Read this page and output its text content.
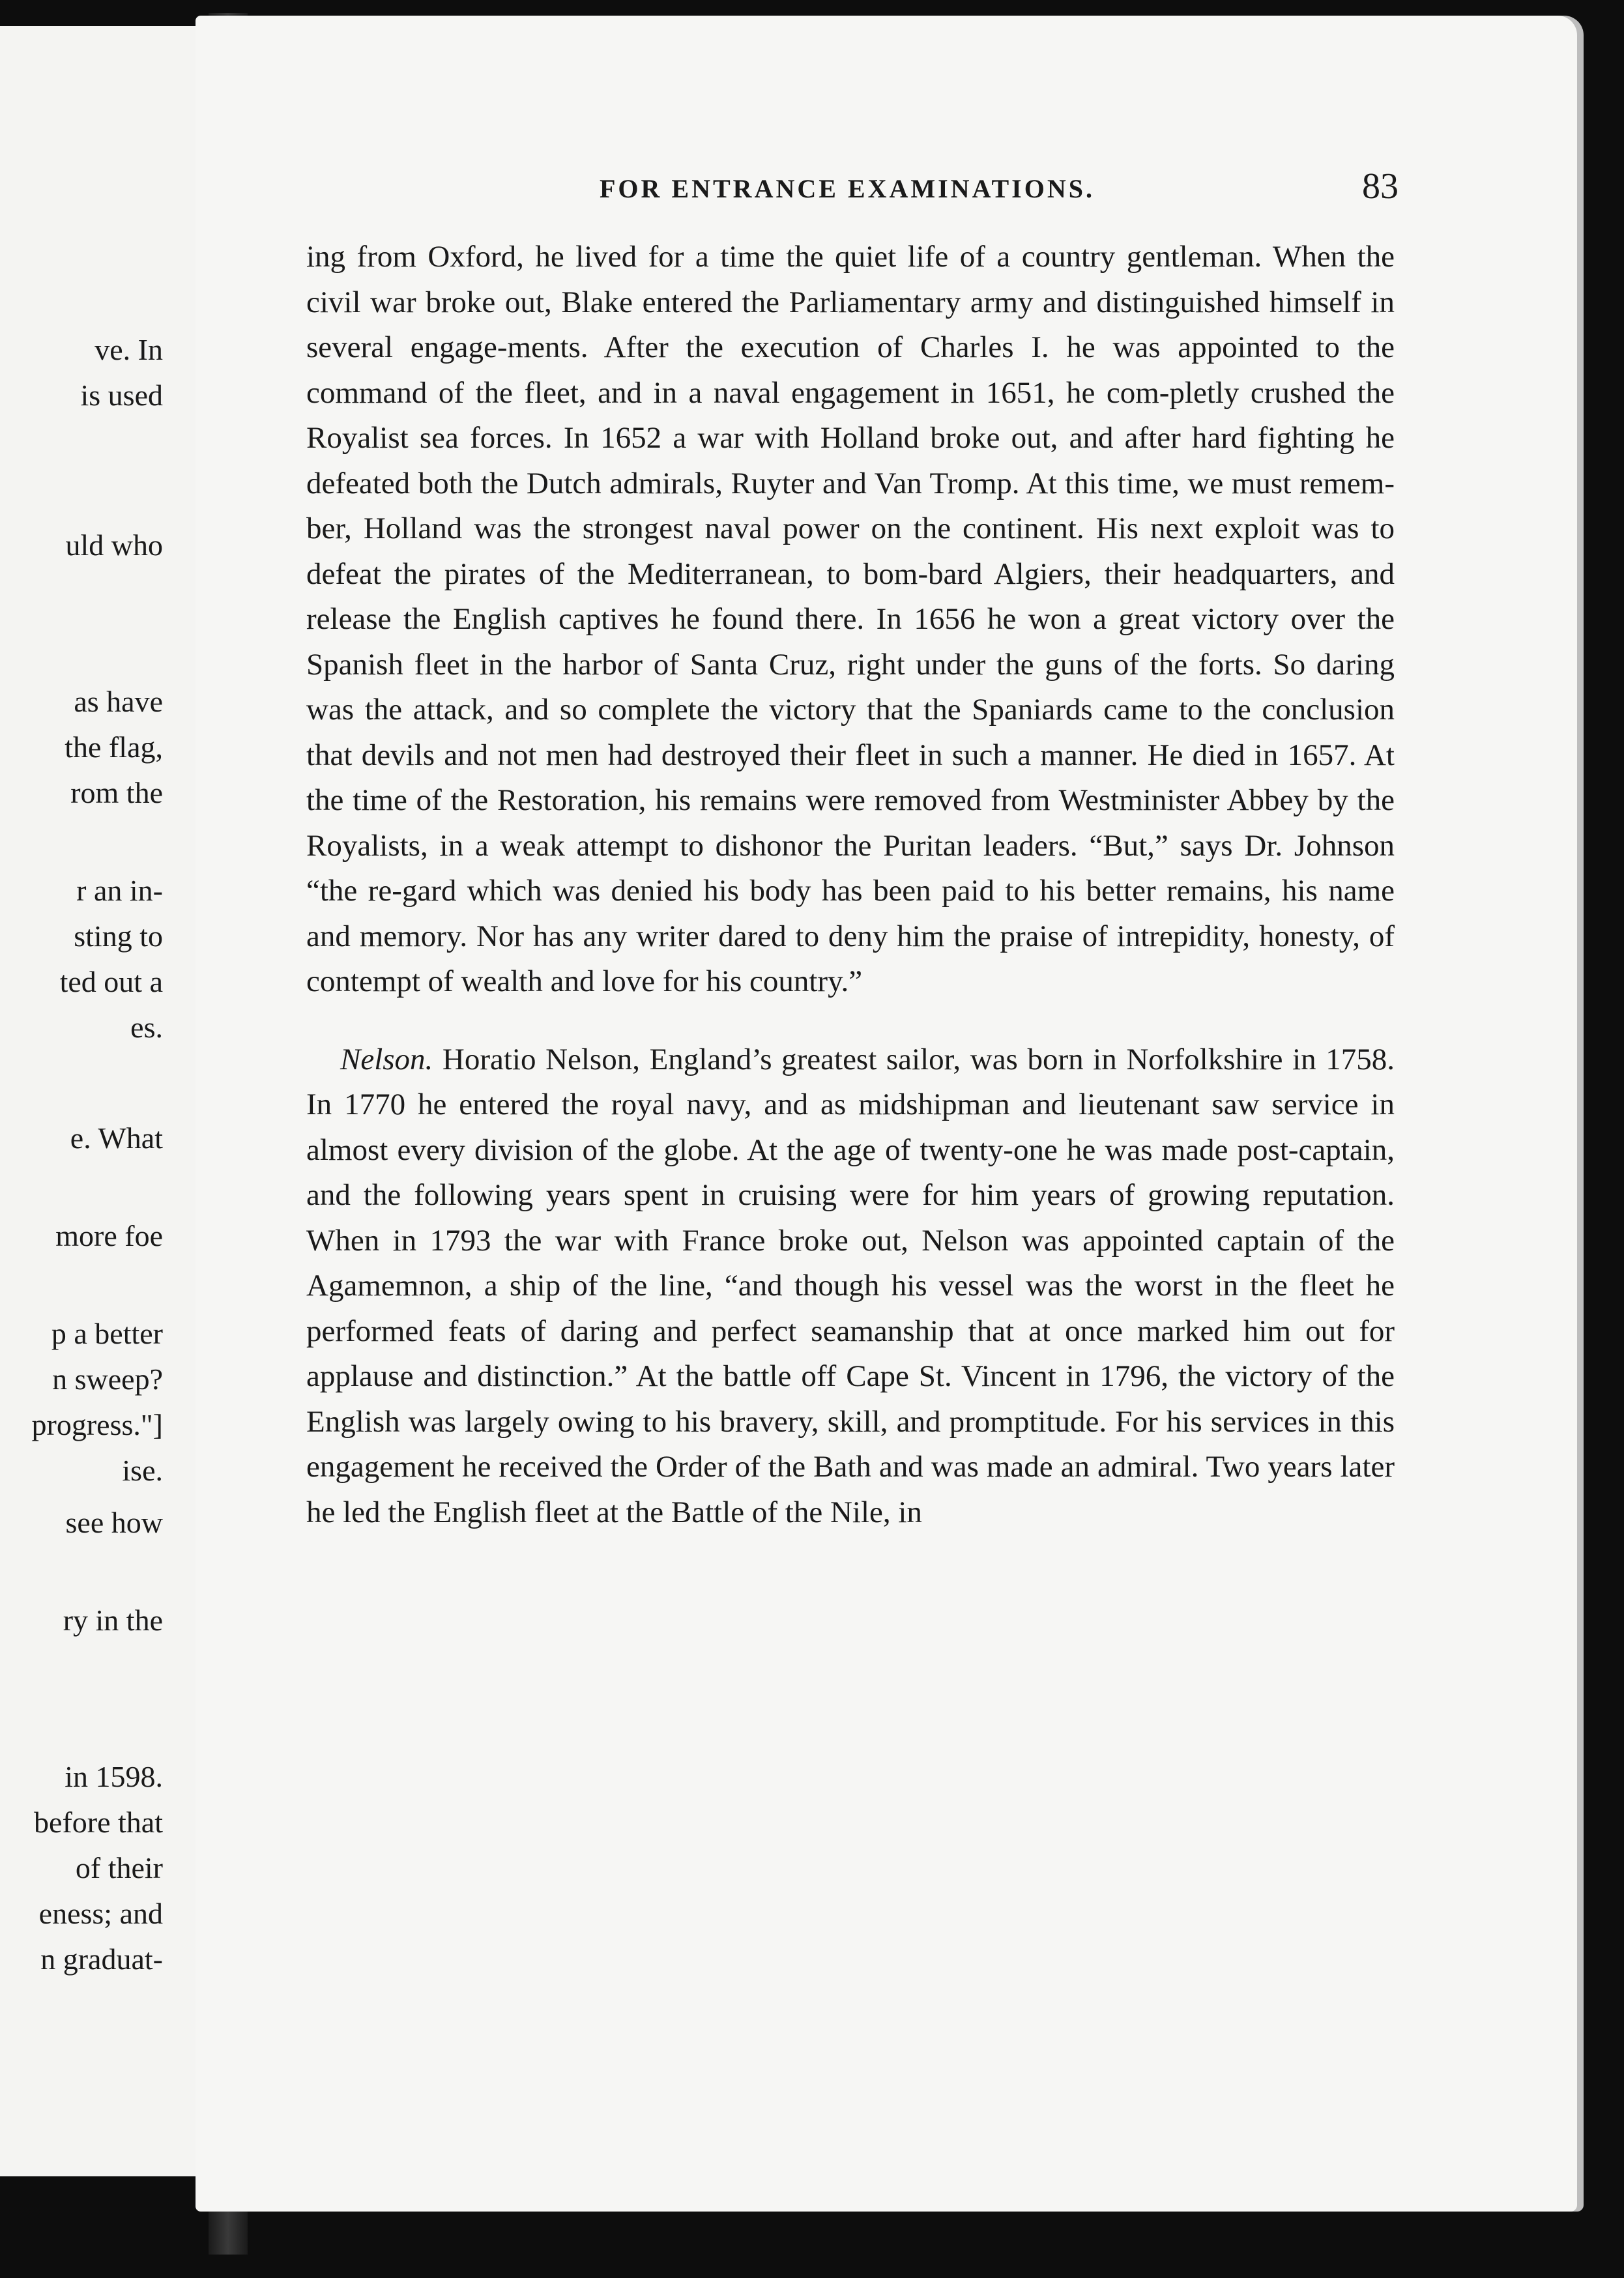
ve. In
is used
uld who
as have
the flag,
rom the
r an in-
sting to
ted out a
es.
e. What
more foe
p a better
n sweep?
progress."]
ise.
see how
ry in the
in 1598.
before that
of their
eness; and
n graduat-
FOR ENTRANCE EXAMINATIONS.	83

ing from Oxford, he lived for a time the quiet life of a country gentleman. When the civil war broke out, Blake entered the Parliamentary army and distinguished himself in several engage-ments. After the execution of Charles I. he was appointed to the command of the fleet, and in a naval engagement in 1651, he com-pletly crushed the Royalist sea forces. In 1652 a war with Holland broke out, and after hard fighting he defeated both the Dutch admirals, Ruyter and Van Tromp. At this time, we must remem-ber, Holland was the strongest naval power on the continent. His next exploit was to defeat the pirates of the Mediterranean, to bom-bard Algiers, their headquarters, and release the English captives he found there. In 1656 he won a great victory over the Spanish fleet in the harbor of Santa Cruz, right under the guns of the forts. So daring was the attack, and so complete the victory that the Spaniards came to the conclusion that devils and not men had destroyed their fleet in such a manner. He died in 1657. At the time of the Restoration, his remains were removed from Westminister Abbey by the Royalists, in a weak attempt to dishonor the Puritan leaders. “But,” says Dr. Johnson “the re-gard which was denied his body has been paid to his better remains, his name and memory. Nor has any writer dared to deny him the praise of intrepidity, honesty, of contempt of wealth and love for his country.”

Nelson. Horatio Nelson, England’s greatest sailor, was born in Norfolkshire in 1758. In 1770 he entered the royal navy, and as midshipman and lieutenant saw service in almost every division of the globe. At the age of twenty-one he was made post-captain, and the following years spent in cruising were for him years of growing reputation. When in 1793 the war with France broke out, Nelson was appointed captain of the Agamemnon, a ship of the line, “and though his vessel was the worst in the fleet he performed feats of daring and perfect seamanship that at once marked him out for applause and distinction.” At the battle off Cape St. Vincent in 1796, the victory of the English was largely owing to his bravery, skill, and promptitude. For his services in this engagement he received the Order of the Bath and was made an admiral. Two years later he led the English fleet at the Battle of the Nile, in
